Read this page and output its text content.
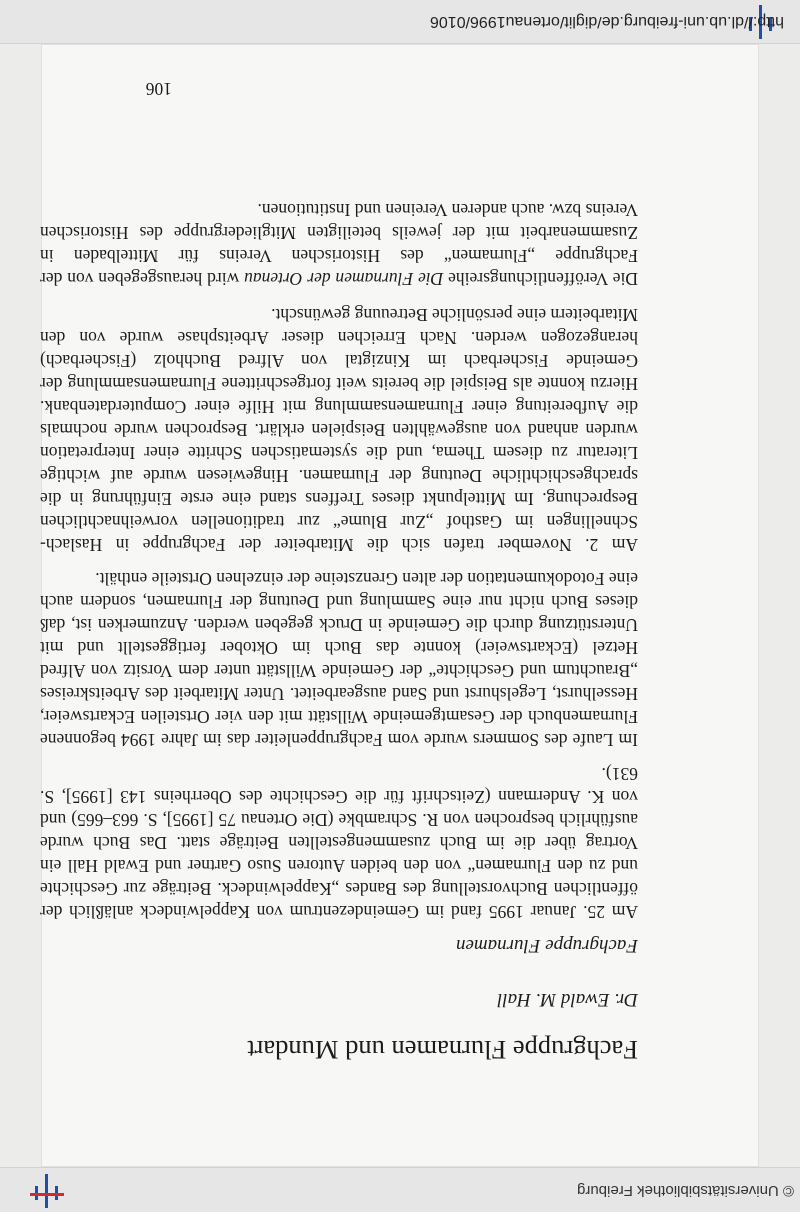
© Universitätsbibliothek Freiburg
Fachgruppe Flurnamen und Mundart

Dr. Ewald M. Hall

Fachgruppe Flurnamen

Am 25. Januar 1995 fand im Gemeindezentrum von Kappelwindeck anläßlich der öffentlichen Buchvorstellung des Bandes „Kappelwindeck. Beiträge zur Geschichte und zu den Flurnamen“ von den beiden Autoren Suso Gartner und Ewald Hall ein Vortrag über die im Buch zusammengestellten Beiträge statt. Das Buch wurde ausführlich besprochen von R. Schrambke (Die Ortenau 75 [1995], S. 663–665) und von K. Andermann (Zeitschrift für die Geschichte des Oberrheins 143 [1995], S. 631).

Im Laufe des Sommers wurde vom Fachgruppenleiter das im Jahre 1994 begonnene Flurnamenbuch der Gesamtgemeinde Willstätt mit den vier Ortsteilen Eckartsweier, Hesselhurst, Legelshurst und Sand ausgearbeitet. Unter Mitarbeit des Arbeitskreises „Brauchtum und Geschichte“ der Gemeinde Willstätt unter dem Vorsitz von Alfred Hetzel (Eckartsweier) konnte das Buch im Oktober fertiggestellt und mit Unterstützung durch die Gemeinde in Druck gegeben werden. Anzumerken ist, daß dieses Buch nicht nur eine Sammlung und Deutung der Flurnamen, sondern auch eine Fotodokumentation der alten Grenzsteine der einzelnen Ortsteile enthält.

Am 2. November trafen sich die Mitarbeiter der Fachgruppe in Haslach-Schnellingen im Gasthof „Zur Blume“ zur traditionellen vorweihnachtlichen Besprechung. Im Mittelpunkt dieses Treffens stand eine erste Einführung in die sprachgeschichtliche Deutung der Flurnamen. Hingewiesen wurde auf wichtige Literatur zu diesem Thema, und die systematischen Schritte einer Interpretation wurden anhand von ausgewählten Beispielen erklärt. Besprochen wurde nochmals die Aufbereitung einer Flurnamensammlung mit Hilfe einer Computerdatenbank. Hierzu konnte als Beispiel die bereits weit fortgeschrittene Flurnamensammlung der Gemeinde Fischerbach im Kinzigtal von Alfred Buchholz (Fischerbach) herangezogen werden. Nach Erreichen dieser Arbeitsphase wurde von den Mitarbeitern eine persönliche Betreuung gewünscht.

Die Veröffentlichungsreihe Die Flurnamen der Ortenau wird herausgegeben von der Fachgruppe „Flurnamen“ des Historischen Vereins für Mittelbaden in Zusammenarbeit mit der jeweils beteiligten Mitgliedergruppe des Historischen Vereins bzw. auch anderen Vereinen und Institutionen.

106
http://dl.ub.uni-freiburg.de/diglit/ortenau1996/0106
